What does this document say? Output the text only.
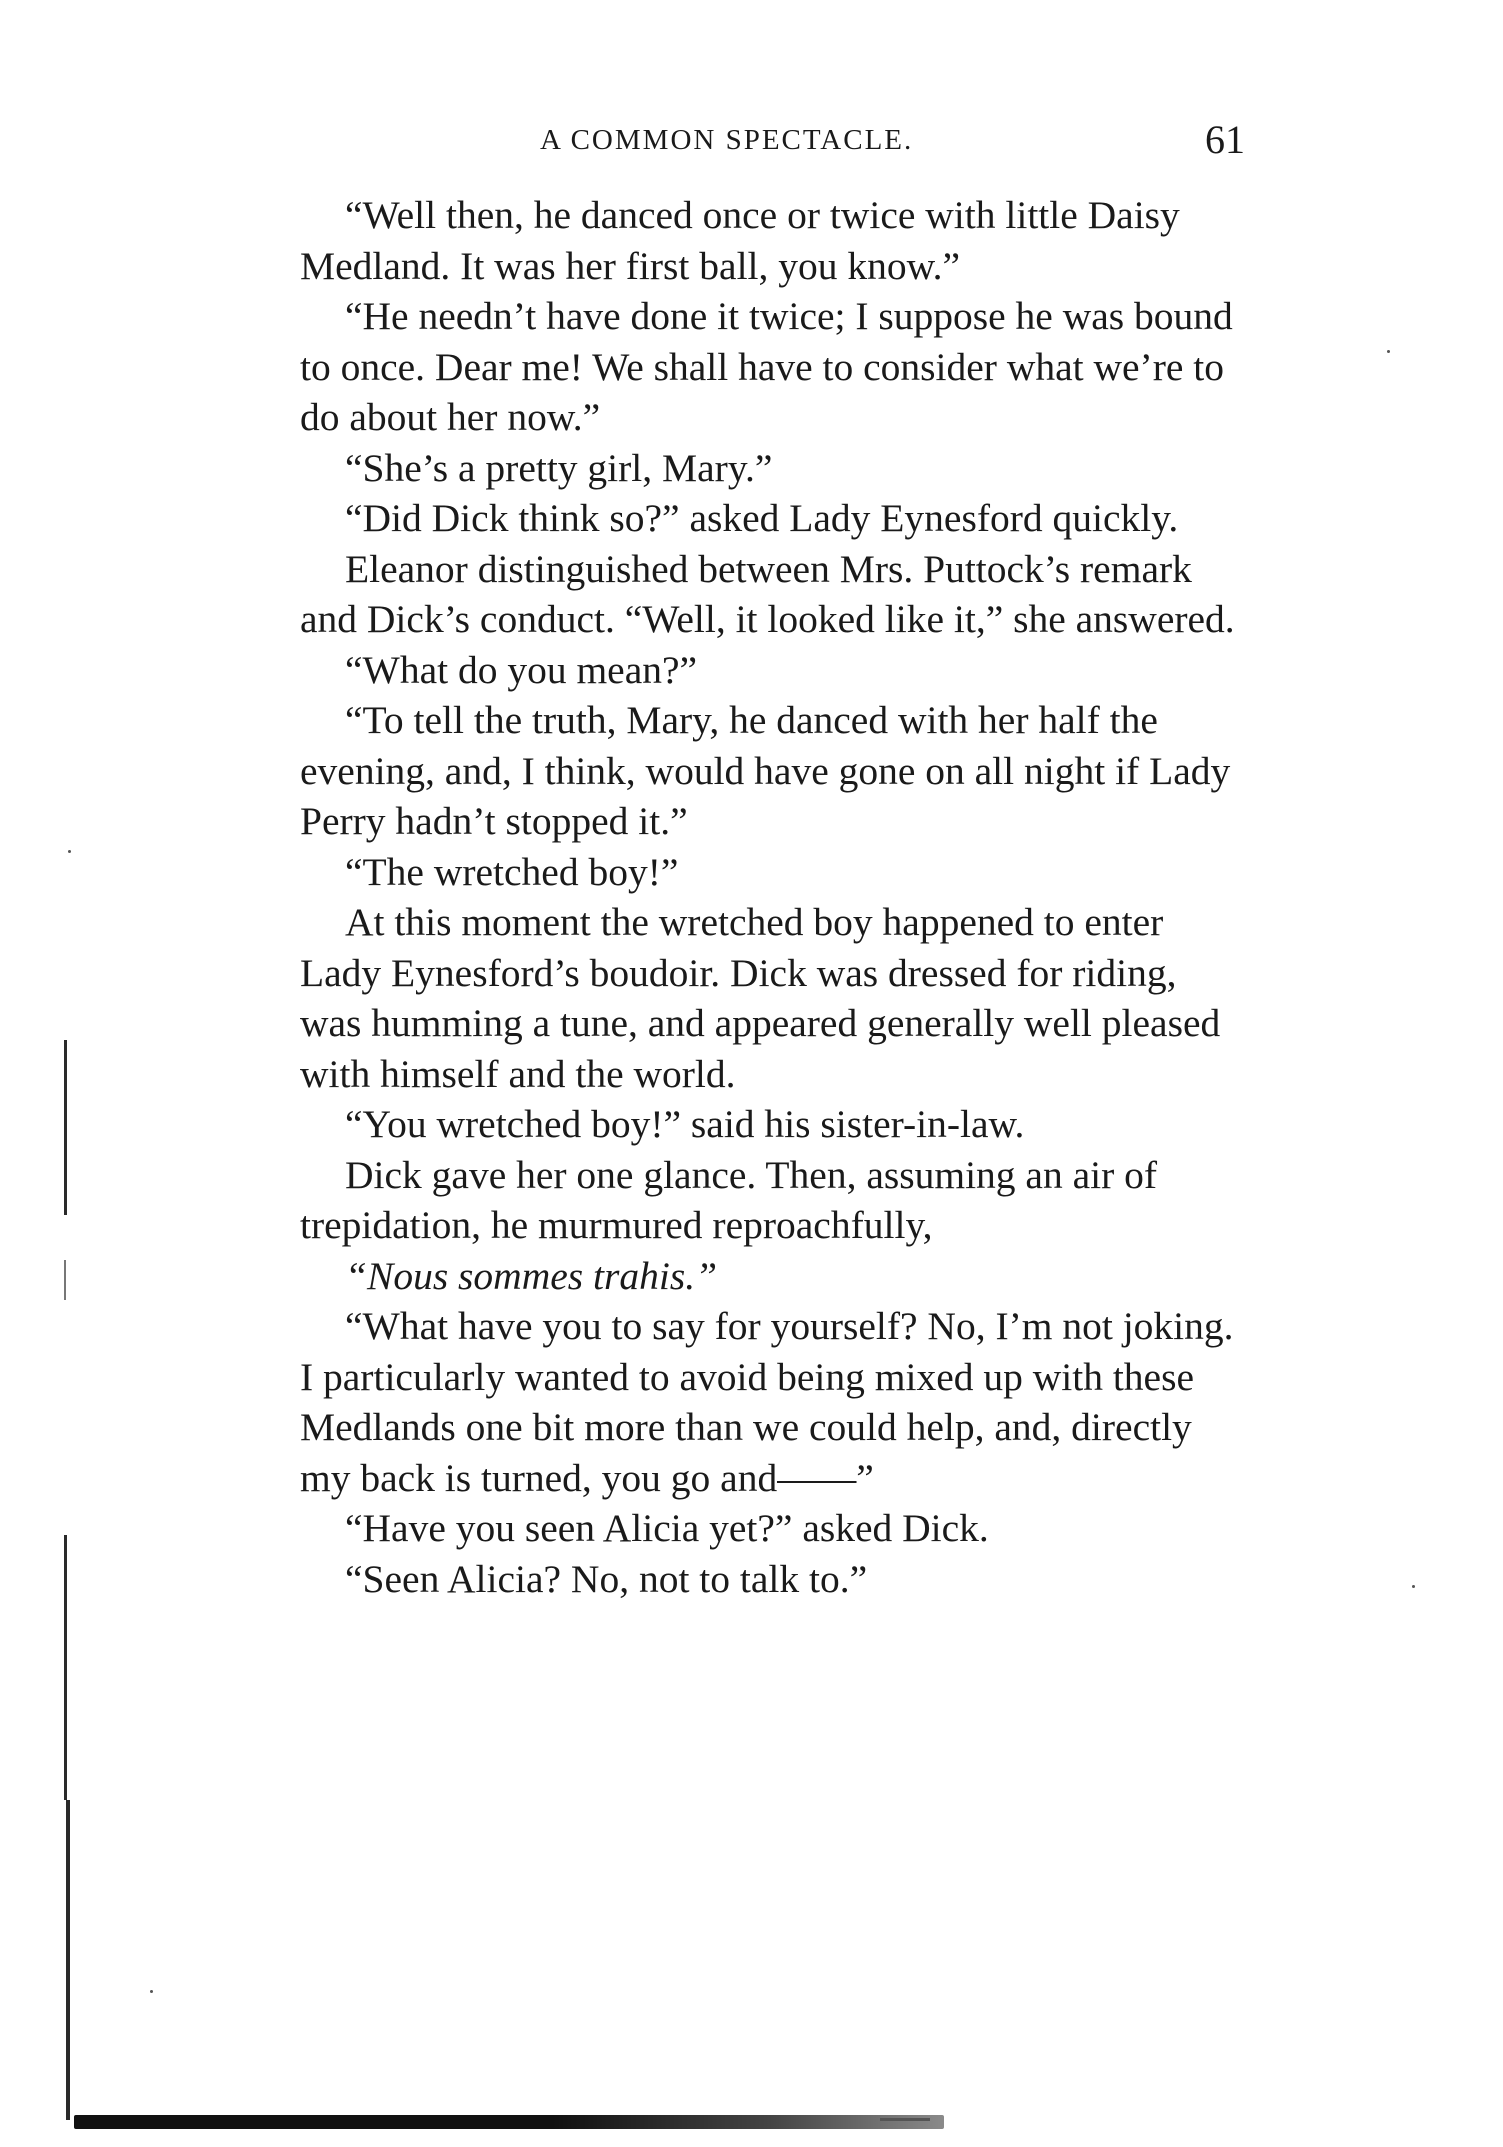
A COMMON SPECTACLE.	61

“Well then, he danced once or twice with little Daisy Medland. It was her first ball, you know.”

“He needn’t have done it twice; I suppose he was bound to once. Dear me! We shall have to consider what we’re to do about her now.”

“She’s a pretty girl, Mary.”

“Did Dick think so?” asked Lady Eynesford quickly.

Eleanor distinguished between Mrs. Puttock’s remark and Dick’s conduct. “Well, it looked like it,” she answered.

“What do you mean?”

“To tell the truth, Mary, he danced with her half the evening, and, I think, would have gone on all night if Lady Perry hadn’t stopped it.”

“The wretched boy!”

At this moment the wretched boy happened to enter Lady Eynesford’s boudoir. Dick was dressed for riding, was humming a tune, and appeared generally well pleased with himself and the world.

“You wretched boy!” said his sister-in-law.

Dick gave her one glance. Then, assuming an air of trepidation, he murmured reproachfully,

“Nous sommes trahis.”

“What have you to say for yourself? No, I’m not joking. I particularly wanted to avoid being mixed up with these Medlands one bit more than we could help, and, directly my back is turned, you go and——”

“Have you seen Alicia yet?” asked Dick.

“Seen Alicia? No, not to talk to.”
